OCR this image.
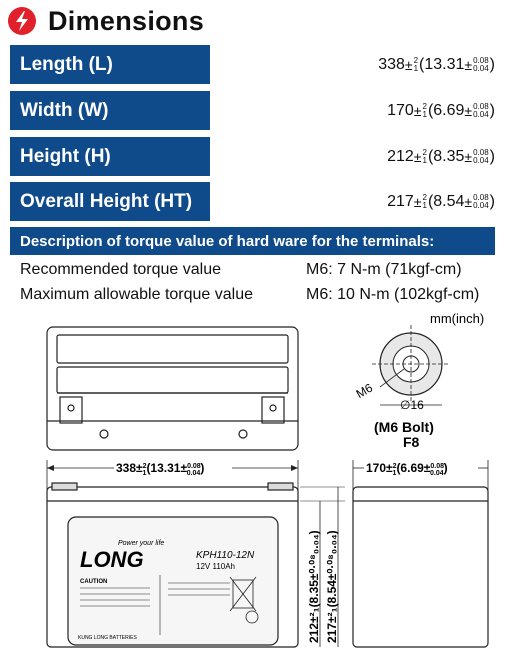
Dimensions
Length (L)	338 ± 2
1 (13.31 ± 0.08
0.04 )
Width (W)	170 ± 2
1 (6.69 ± 0.08
0.04 )
Height (H)	212 ± 2
1 (8.35 ± 0.08
0.04 )
Overall Height (HT)	217 ± 2
1 (8.54 ± 0.08
0.04 )
Description of torque value of hard ware for the terminals:
Recommended torque value	M6: 7 N-m (71kgf-cm)
Maximum allowable torque value	M6: 10 N-m (102kgf-cm)
mm(inch)
M6
∅16
(M6 Bolt)
F8
338±$^2$ 1(13.31±$^{0.08}$ 0.04)	170±$^2$ 1(6.69±$^{0.08}$ 0.04)
LONG
Power your life
KPH110-12N
12V 110Ah
CAUTION
KUNG LONG BATTERIES	212±²₁(8.35±⁰·⁰⁸₀.₀₄) 217±²₁(8.54±⁰·⁰⁸₀.₀₄)
